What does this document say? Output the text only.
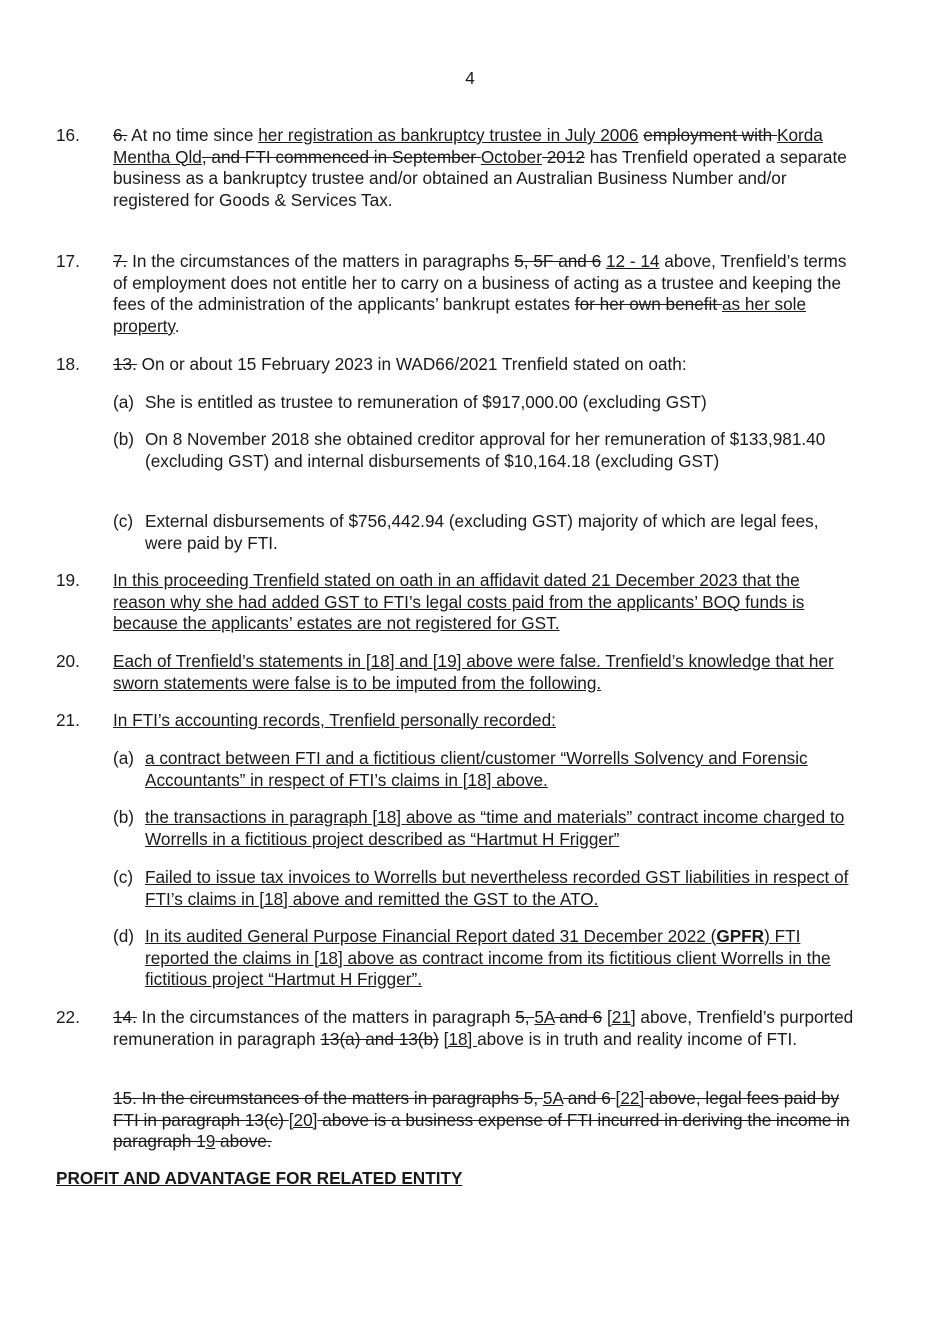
4
16. 6. At no time since her registration as bankruptcy trustee in July 2006 employment with Korda Mentha Qld, and FTI commenced in September October 2012 has Trenfield operated a separate business as a bankruptcy trustee and/or obtained an Australian Business Number and/or registered for Goods & Services Tax.
17. 7. In the circumstances of the matters in paragraphs 5, 5F and 6 12 - 14 above, Trenfield’s terms of employment does not entitle her to carry on a business of acting as a trustee and keeping the fees of the administration of the applicants’ bankrupt estates for her own benefit as her sole property.
18. 13. On or about 15 February 2023 in WAD66/2021 Trenfield stated on oath:
(a) She is entitled as trustee to remuneration of $917,000.00 (excluding GST)
(b) On 8 November 2018 she obtained creditor approval for her remuneration of $133,981.40 (excluding GST) and internal disbursements of $10,164.18 (excluding GST)
(c) External disbursements of $756,442.94 (excluding GST) majority of which are legal fees, were paid by FTI.
19. In this proceeding Trenfield stated on oath in an affidavit dated 21 December 2023 that the reason why she had added GST to FTI’s legal costs paid from the applicants’ BOQ funds is because the applicants’ estates are not registered for GST.
20. Each of Trenfield’s statements in [18] and [19] above were false. Trenfield’s knowledge that her sworn statements were false is to be imputed from the following.
21. In FTI’s accounting records, Trenfield personally recorded:
(a) a contract between FTI and a fictitious client/customer “Worrells Solvency and Forensic Accountants” in respect of FTI’s claims in [18] above.
(b) the transactions in paragraph [18] above as “time and materials” contract income charged to Worrells in a fictitious project described as “Hartmut H Frigger”
(c) Failed to issue tax invoices to Worrells but nevertheless recorded GST liabilities in respect of FTI’s claims in [18] above and remitted the GST to the ATO.
(d) In its audited General Purpose Financial Report dated 31 December 2022 (GPFR) FTI reported the claims in [18] above as contract income from its fictitious client Worrells in the fictitious project “Hartmut H Frigger”.
22. 14. In the circumstances of the matters in paragraph 5, 5A and 6 [21] above, Trenfield’s purported remuneration in paragraph 13(a) and 13(b) [18] above is in truth and reality income of FTI.
15. In the circumstances of the matters in paragraphs 5, 5A and 6 [22] above, legal fees paid by FTI in paragraph 13(c) [20] above is a business expense of FTI incurred in deriving the income in paragraph 19 above.
PROFIT AND ADVANTAGE FOR RELATED ENTITY
